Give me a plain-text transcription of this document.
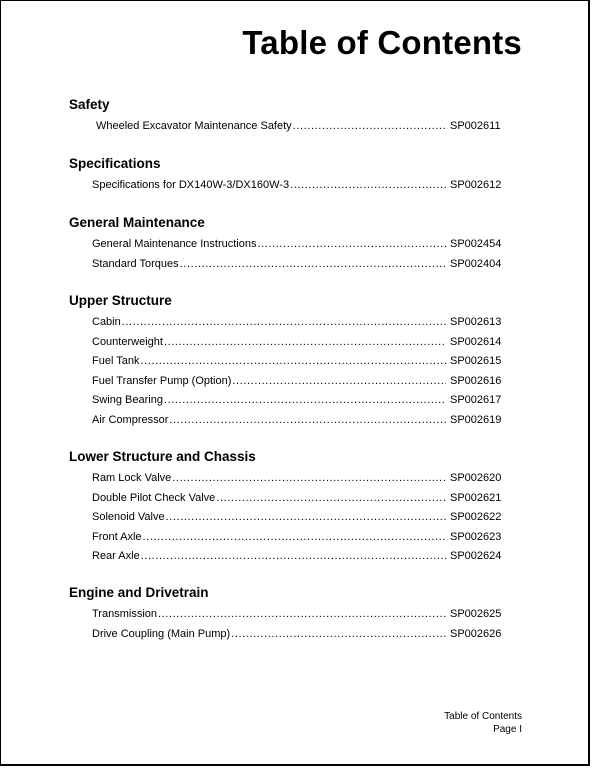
Table of Contents
Safety
Wheeled Excavator Maintenance Safety .....	SP002611
Specifications
Specifications for DX140W-3/DX160W-3 .....	SP002612
General Maintenance
General Maintenance Instructions .....	SP002454
Standard Torques .....	SP002404
Upper Structure
Cabin .....	SP002613
Counterweight .....	SP002614
Fuel Tank .....	SP002615
Fuel Transfer Pump (Option) .....	SP002616
Swing Bearing .....	SP002617
Air Compressor .....	SP002619
Lower Structure and Chassis
Ram Lock Valve .....	SP002620
Double Pilot Check Valve .....	SP002621
Solenoid Valve .....	SP002622
Front Axle .....	SP002623
Rear Axle .....	SP002624
Engine and Drivetrain
Transmission .....	SP002625
Drive Coupling (Main Pump) .....	SP002626
Table of Contents
Page I
